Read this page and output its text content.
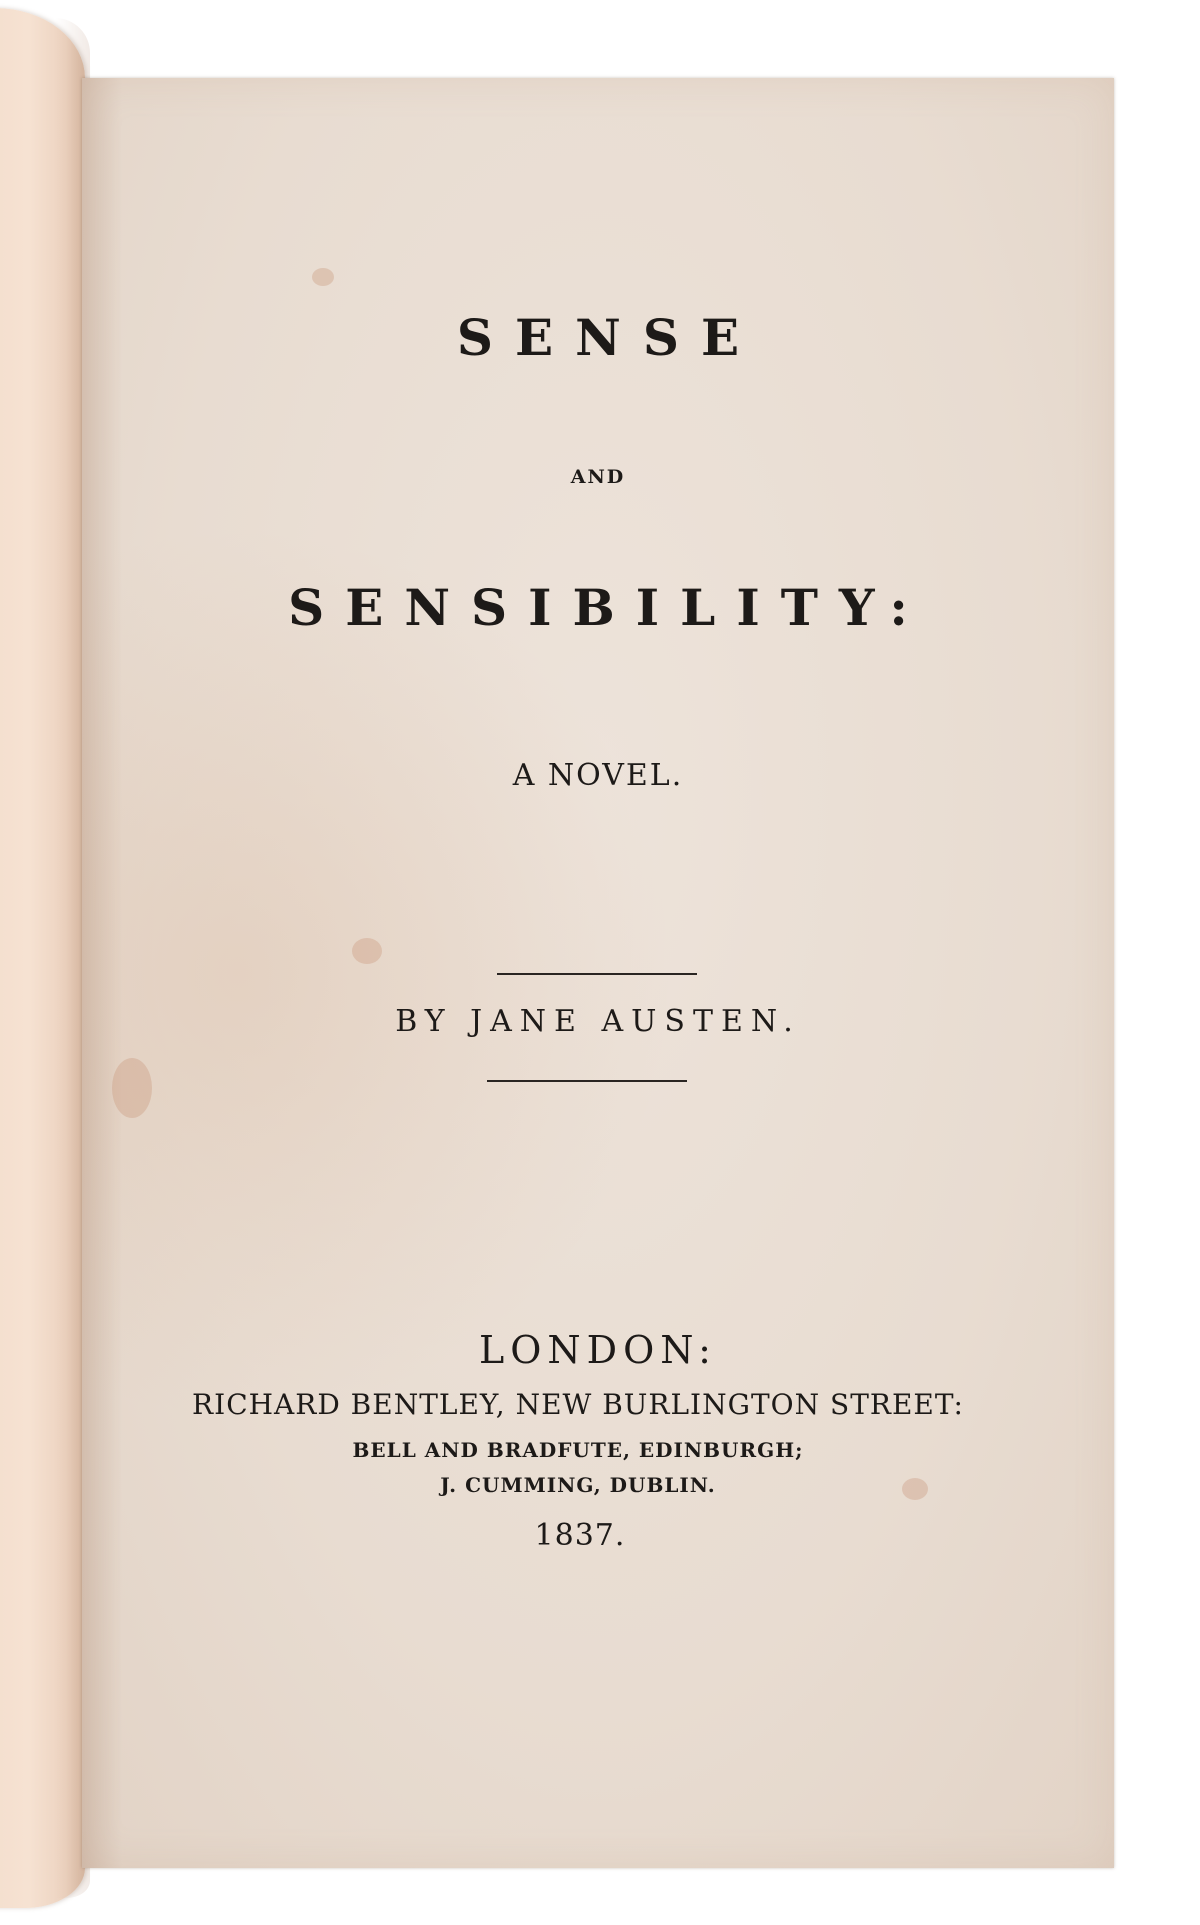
SENSE
AND
SENSIBILITY:
A NOVEL.
BY JANE AUSTEN.
LONDON:
RICHARD BENTLEY, NEW BURLINGTON STREET:
BELL AND BRADFUTE, EDINBURGH;
J. CUMMING, DUBLIN.
1837.
